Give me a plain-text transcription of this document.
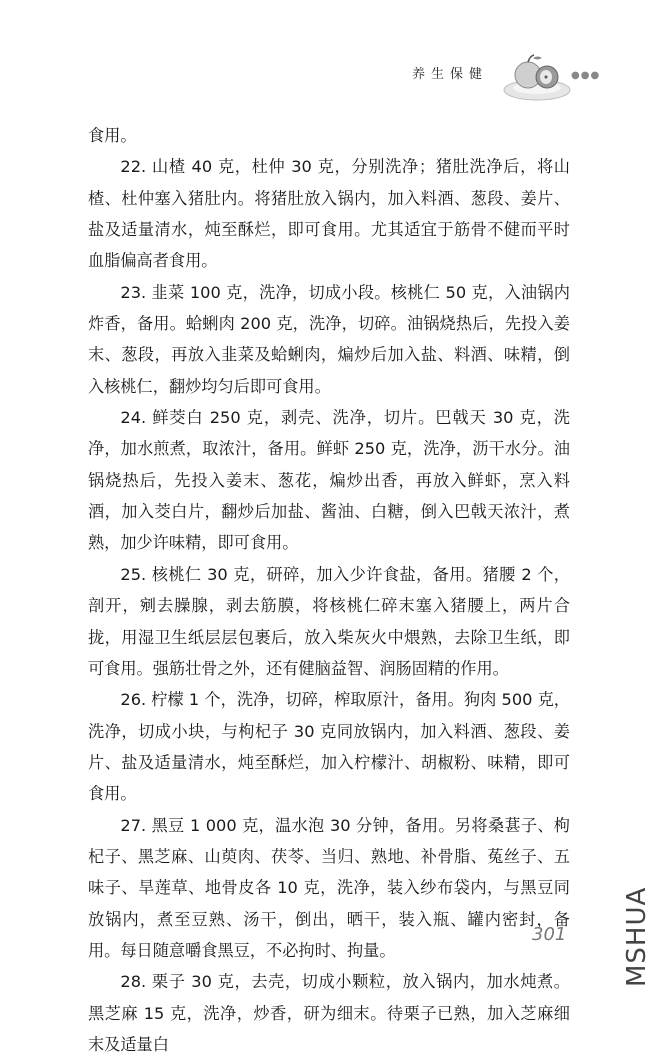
养生保健	●●●

食用。

22. 山楂 40 克，杜仲 30 克，分别洗净；猪肚洗净后，将山楂、杜仲塞入猪肚内。将猪肚放入锅内，加入料酒、葱段、姜片、盐及适量清水，炖至酥烂，即可食用。尤其适宜于筋骨不健而平时血脂偏高者食用。

23. 韭菜 100 克，洗净，切成小段。核桃仁 50 克，入油锅内炸香，备用。蛤蜊肉 200 克，洗净，切碎。油锅烧热后，先投入姜末、葱段，再放入韭菜及蛤蜊肉，煸炒后加入盐、料酒、味精，倒入核桃仁，翻炒均匀后即可食用。

24. 鲜茭白 250 克，剥壳、洗净，切片。巴戟天 30 克，洗净，加水煎煮，取浓汁，备用。鲜虾 250 克，洗净，沥干水分。油锅烧热后，先投入姜末、葱花，煸炒出香，再放入鲜虾，烹入料酒，加入茭白片，翻炒后加盐、酱油、白糖，倒入巴戟天浓汁，煮熟，加少许味精，即可食用。

25. 核桃仁 30 克，研碎，加入少许食盐，备用。猪腰 2 个，剖开，剜去臊腺，剥去筋膜，将核桃仁碎末塞入猪腰上，两片合拢，用湿卫生纸层层包裹后，放入柴灰火中煨熟，去除卫生纸，即可食用。强筋壮骨之外，还有健脑益智、润肠固精的作用。

26. 柠檬 1 个，洗净，切碎，榨取原汁，备用。狗肉 500 克，洗净，切成小块，与枸杞子 30 克同放锅内，加入料酒、葱段、姜片、盐及适量清水，炖至酥烂，加入柠檬汁、胡椒粉、味精，即可食用。

27. 黑豆 1 000 克，温水泡 30 分钟，备用。另将桑葚子、枸杞子、黑芝麻、山萸肉、茯苓、当归、熟地、补骨脂、菟丝子、五味子、旱莲草、地骨皮各 10 克，洗净，装入纱布袋内，与黑豆同放锅内，煮至豆熟、汤干，倒出，晒干，装入瓶、罐内密封，备用。每日随意嚼食黑豆，不必拘时、拘量。

28. 栗子 30 克，去壳，切成小颗粒，放入锅内，加水炖煮。黑芝麻 15 克，洗净，炒香，研为细末。待栗子已熟，加入芝麻细末及适量白

301 MSHUA
